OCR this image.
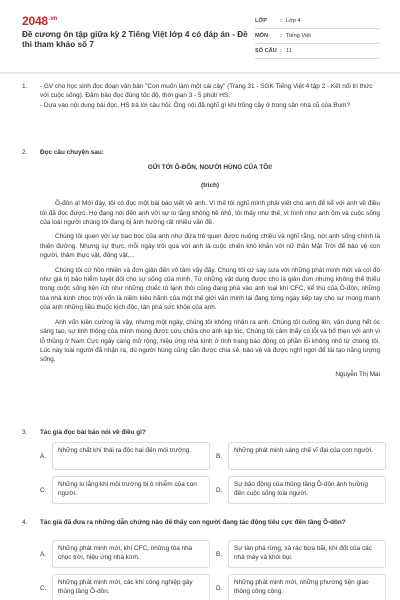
$2048^{.vn}$
Đề cương ôn tập giữa kỳ 2 Tiếng Việt lớp 4 có đáp án - Đề thi tham khảo số 7
LỚP	: Lớp 4
MÔN	: Tiếng Việt
SỐ CÂU : 11
1. - GV cho học sinh đọc đoạn văn bản "Con muốn làm một cái cây" (Trang 31 - SGK Tiếng Việt 4 tập 2 - Kết nối tri thức với cuộc sống). Đảm bảo đọc đúng tốc độ, thời gian 3 - 5 phút/ HS.
- Dựa vào nội dung bài đọc, HS trả lời câu hỏi: Ông nội đã nghĩ gì khi trồng cây ở trong sân nhà cũ của Bum?
2. Đọc câu chuyện sau:
GỬI TỚI Ô-ĐÔN, NGƯỜI HÙNG CỦA TÔI!
(trích)

Ô-đôn ạ! Mới đây, tôi có đọc một bài báo viết về anh. Vì thế tôi nghĩ mình phải viết cho anh để kể với anh về điều tôi đã đọc được. Họ đang nói đến anh với sự lo lắng không hề nhỏ, tôi thấy như thế, vì hình như anh ốm và cuộc sống của loài người chúng tôi đang bị ảnh hưởng rất nhiều vấn đề.

Chúng tôi quen với sự bao bọc của anh như đứa trẻ quen được nuông chiều và nghĩ rằng, nơi anh sống chính là thiên đường. Nhưng sự thực, mỗi ngày trôi qua với anh là cuộc chiến khó khăn với nữ thần Mặt Trời để bảo vệ con người, thảm thực vật, động vật,...

Chúng tôi cứ hồn nhiên và đơn giản đến vô tâm vậy đấy. Chúng tôi cứ say sưa với những phát minh mới và coi đó như giá trị bảo hiểm tuyệt đối cho sự sống của mình. Từ những vật dụng được cho là giản đơn nhưng không thể thiếu trong cuộc sống tiện ích như những chiếc tủ lạnh thôi cũng đang phá vào anh loại khí CFC, kể thù của Ô-đôn, những tòa nhà kính chọc trời vốn là niềm kiêu hãnh của một thế giới văn minh lại đang từng ngày tiếp tay cho sự mong manh của anh những liều thuốc kịch độc, tàn phá sức khỏe của anh.

Anh vốn kiên cường là vậy, nhưng một ngày, chúng tôi không nhận ra anh. Chúng tôi cuống lên, vận dụng hết óc sáng tạo, sự tinh thông của mình mong được cứu chữa cho anh kịp lúc. Chúng tôi cảm thấy có lỗi và hổ thẹn với anh vì lỗ thủng ở Nam Cực ngày càng mở rộng, hiệu ứng nhà kính ở tình trạng báo động có phần lỗi không nhỏ từ chúng tôi. Lúc này loài người đã nhận ra, dù người hùng cũng cần được chia sẻ, bảo vệ và được nghỉ ngơi để tái tạo năng lượng sống.

Nguyễn Thị Mai
3. Tác giả đọc bài báo nói về điều gì?
A.
Những chất khí thải ra độc hại đến môi trường.
B.
Những phát minh sáng chế vĩ đại của con người.
C.
Những lo lắng khi môi trường bị ô nhiễm của con người.	D.
Sự bảo động của thủng tầng Ô-dôn ảnh hưởng đến cuộc sống loài người.
4. Tác giả đã đưa ra những dẫn chứng nào để thấy con người đang tác động tiêu cực đến tầng Ô-dôn?
A.
Những phát minh mới, khí CFC, những tòa nhà chọc trời, hiệu ứng nhà kính.	B.
Sự tàn phá rừng, xả rác bừa bãi, khí đốt của các nhà máy và khói bụi.
C.
Những phát minh mới, các khí công nghiệp gây thủng tầng Ô-dôn.	D.
Những phát minh mới, những phương tiện giao thông công cộng.
